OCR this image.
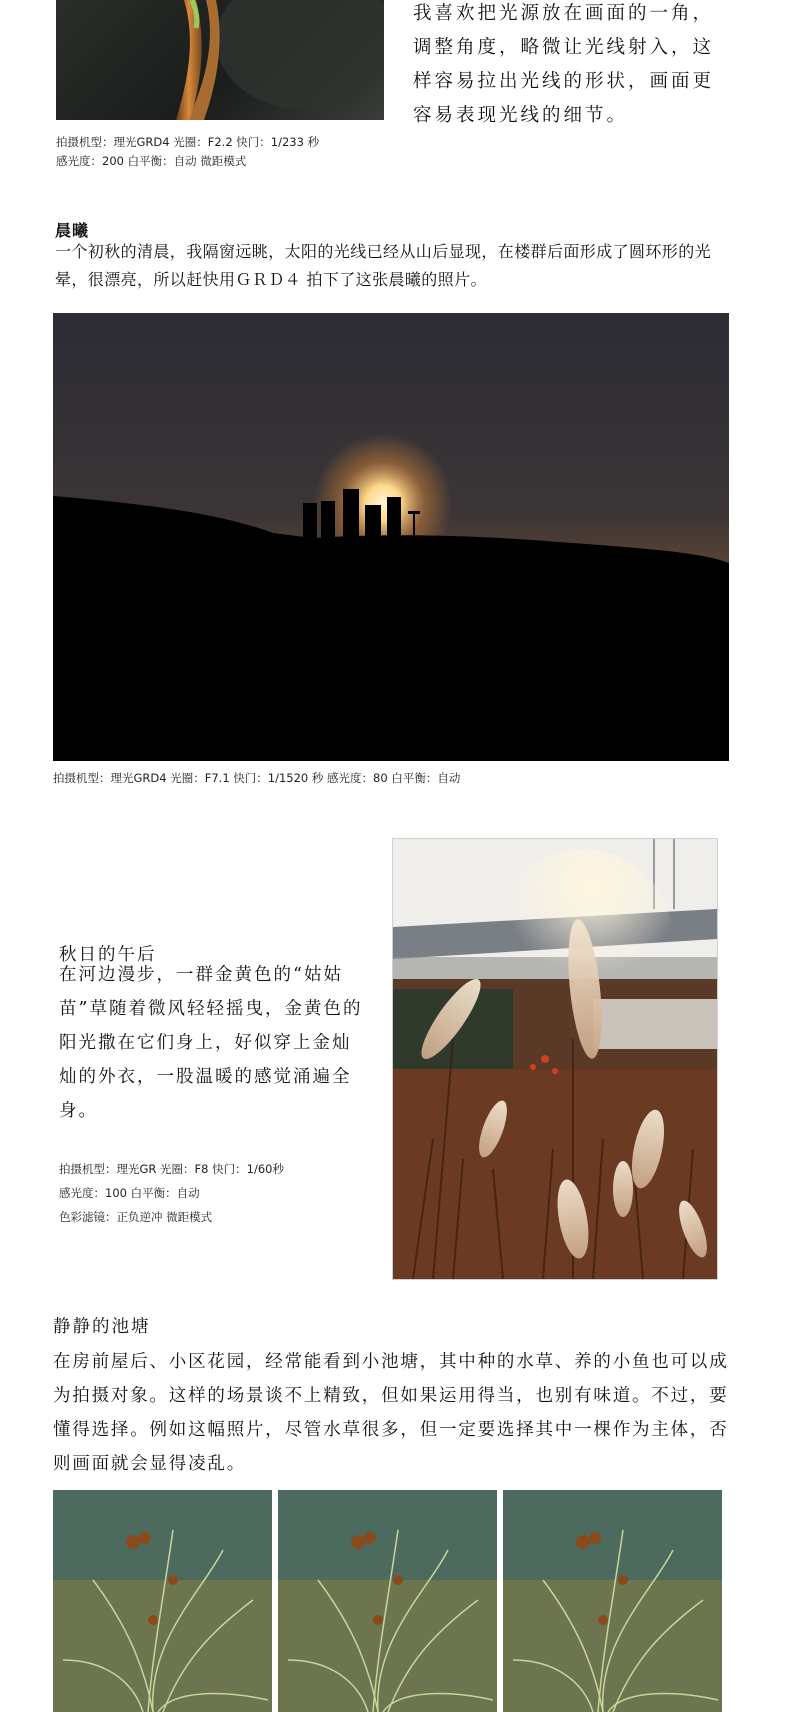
拍摄机型：理光GRD4 光圈：F2.2 快门：1/233 秒
感光度：200 白平衡：自动 微距模式
我喜欢把光源放在画面的一角，调整角度，略微让光线射入，这样容易拉出光线的形状，画面更容易表现光线的细节。
晨曦
一个初秋的清晨，我隔窗远眺，太阳的光线已经从山后显现，在楼群后面形成了圆环形的光晕，很漂亮，所以赶快用ＧＲＤ４ 拍下了这张晨曦的照片。
拍摄机型：理光GRD4 光圈：F7.1 快门：1/1520 秒 感光度：80 白平衡：自动
秋日的午后
在河边漫步，一群金黄色的“姑姑苗”草随着微风轻轻摇曳，金黄色的阳光撒在它们身上，好似穿上金灿灿的外衣，一股温暖的感觉涌遍全身。
拍摄机型：理光GR 光圈：F8 快门：1/60秒
感光度：100 白平衡：自动
色彩滤镜：正负逆冲 微距模式
静静的池塘
在房前屋后、小区花园，经常能看到小池塘，其中种的水草、养的小鱼也可以成为拍摄对象。这样的场景谈不上精致，但如果运用得当，也别有味道。不过，要懂得选择。例如这幅照片，尽管水草很多，但一定要选择其中一棵作为主体，否则画面就会显得凌乱。
